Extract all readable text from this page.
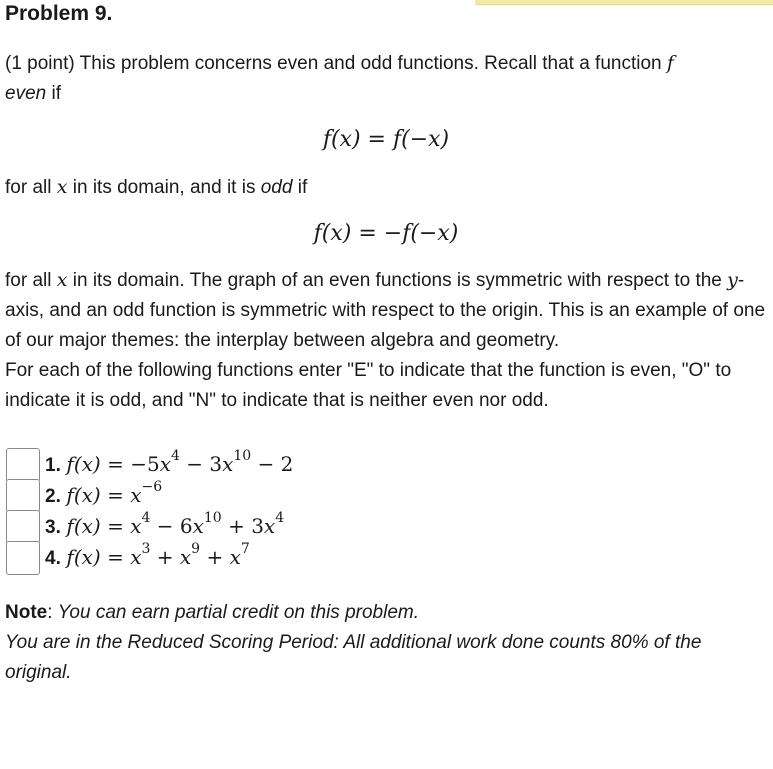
Problem 9.

(1 point) This problem concerns even and odd functions. Recall that a function f
even if

f(x) = f(−x)

for all x in its domain, and it is odd if

f(x) = −f(−x)

for all x in its domain. The graph of an even functions is symmetric with respect to the y-axis, and an odd function is symmetric with respect to the origin. This is an example of one of our major themes: the interplay between algebra and geometry.

For each of the following functions enter "E" to indicate that the function is even, "O" to indicate it is odd, and "N" to indicate that is neither even nor odd.

1. $f(x) = -5x^4 - 3x^{10} - 2$
2. $f(x) = x^{-6}$
3. $f(x) = x^4 - 6x^{10} + 3x^4$
4. $f(x) = x^3 + x^9 + x^7$

Note: You can earn partial credit on this problem.

You are in the Reduced Scoring Period: All additional work done counts 80% of the original.
